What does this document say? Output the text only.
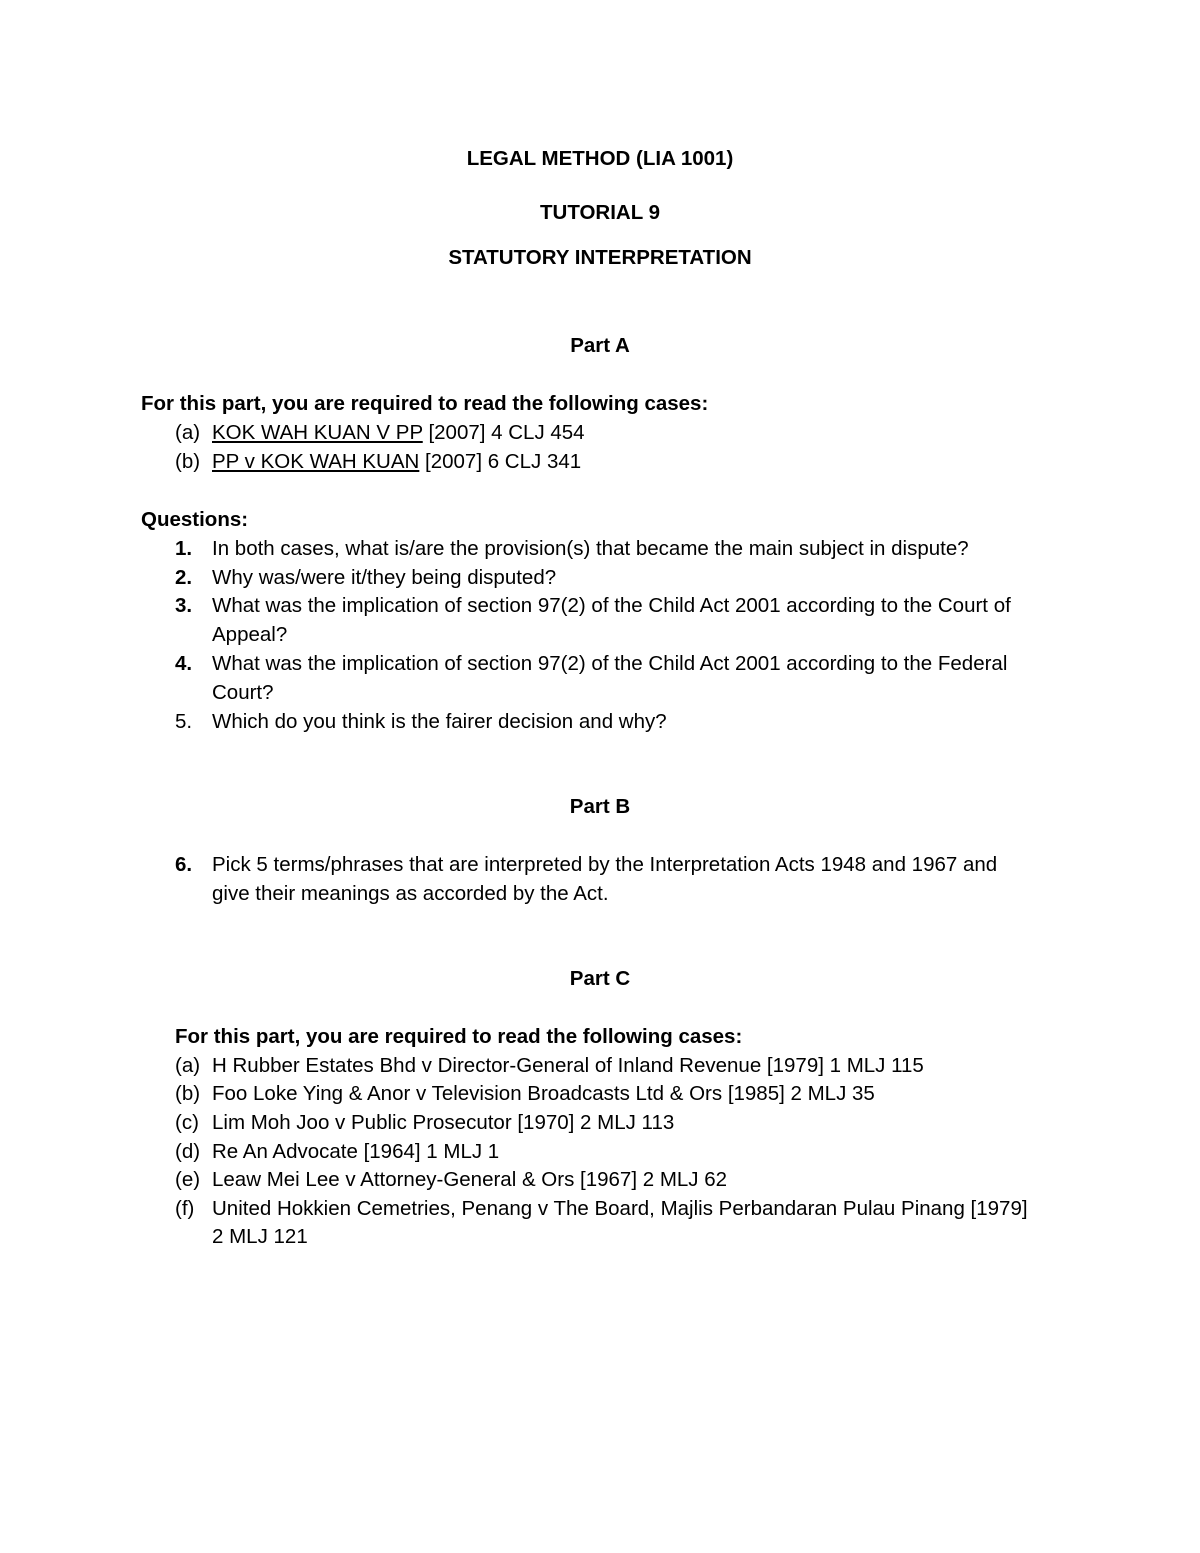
LEGAL METHOD (LIA 1001)
TUTORIAL 9
STATUTORY INTERPRETATION
Part A
For this part, you are required to read the following cases:
(a) KOK WAH KUAN V PP [2007] 4 CLJ 454
(b) PP v KOK WAH KUAN [2007] 6 CLJ 341
Questions:
1. In both cases, what is/are the provision(s) that became the main subject in dispute?
2. Why was/were it/they being disputed?
3. What was the implication of section 97(2) of the Child Act 2001 according to the Court of
Appeal?
4. What was the implication of section 97(2) of the Child Act 2001 according to the Federal
Court?
5. Which do you think is the fairer decision and why?
Part B
6. Pick 5 terms/phrases that are interpreted by the Interpretation Acts 1948 and 1967 and
give their meanings as accorded by the Act.
Part C
For this part, you are required to read the following cases:
(a) H Rubber Estates Bhd v Director-General of Inland Revenue [1979] 1 MLJ 115
(b) Foo Loke Ying & Anor v Television Broadcasts Ltd & Ors [1985] 2 MLJ 35
(c) Lim Moh Joo v Public Prosecutor [1970] 2 MLJ 113
(d) Re An Advocate [1964] 1 MLJ 1
(e) Leaw Mei Lee v Attorney-General & Ors [1967] 2 MLJ 62
(f) United Hokkien Cemetries, Penang v The Board, Majlis Perbandaran Pulau Pinang [1979]
2 MLJ 121
